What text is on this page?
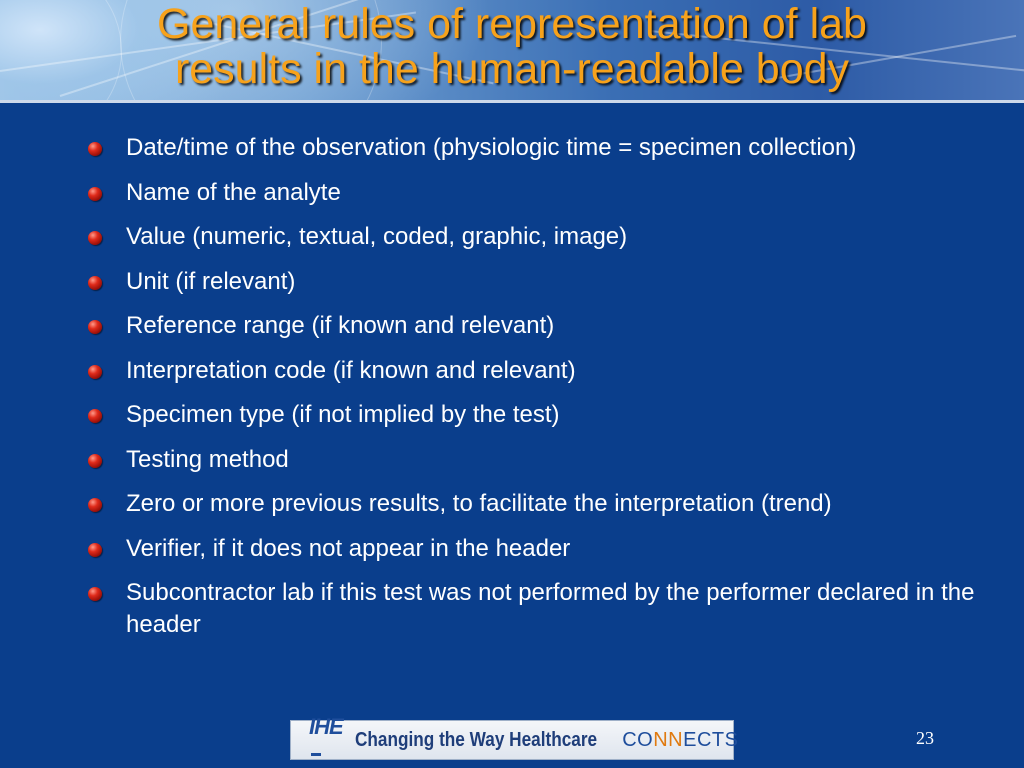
General rules of representation of lab
results in the human-readable body
Date/time of the observation (physiologic time = specimen collection)
Name of the analyte
Value (numeric, textual, coded, graphic, image)
Unit (if relevant)
Reference range (if known and relevant)
Interpretation code (if known and relevant)
Specimen type (if not implied by the test)
Testing method
Zero or more previous results, to facilitate the interpretation (trend)
Verifier, if it does not appear in the header
Subcontractor lab if this test was not performed by the performer declared in the header
IHE
Changing the Way Healthcare CONNECTS	23
